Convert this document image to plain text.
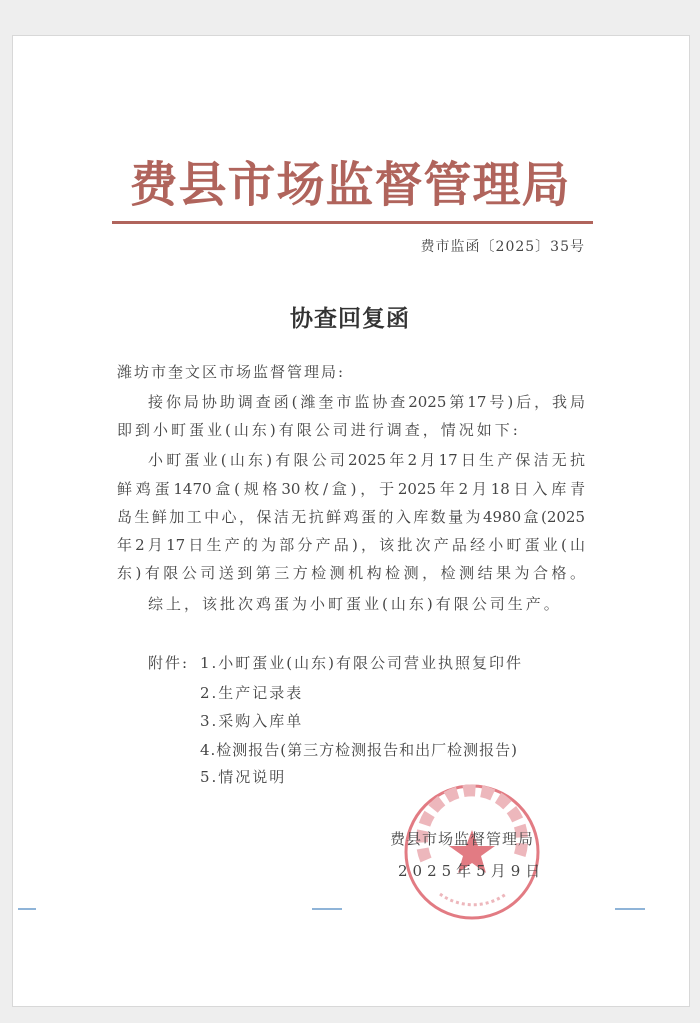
费县市场监督管理局
费市监函〔2025〕35号
协查回复函
潍坊市奎文区市场监督管理局:
接你局协助调查函(潍奎市监协查2025第17号)后，我局
即到小町蛋业(山东)有限公司进行调查，情况如下:
小町蛋业(山东)有限公司2025年2月17日生产保洁无抗
鲜鸡蛋1470盒(规格30枚/盒)，于2025年2月18日入库青
岛生鲜加工中心，保洁无抗鲜鸡蛋的入库数量为4980盒(2025
年2月17日生产的为部分产品)，该批次产品经小町蛋业(山
东)有限公司送到第三方检测机构检测，检测结果为合格。
综上，该批次鸡蛋为小町蛋业(山东)有限公司生产。
附件: 1.小町蛋业(山东)有限公司营业执照复印件
2.生产记录表
3.采购入库单
4.检测报告(第三方检测报告和出厂检测报告)
5.情况说明
费县市场监督管理局
2025年5月9日
